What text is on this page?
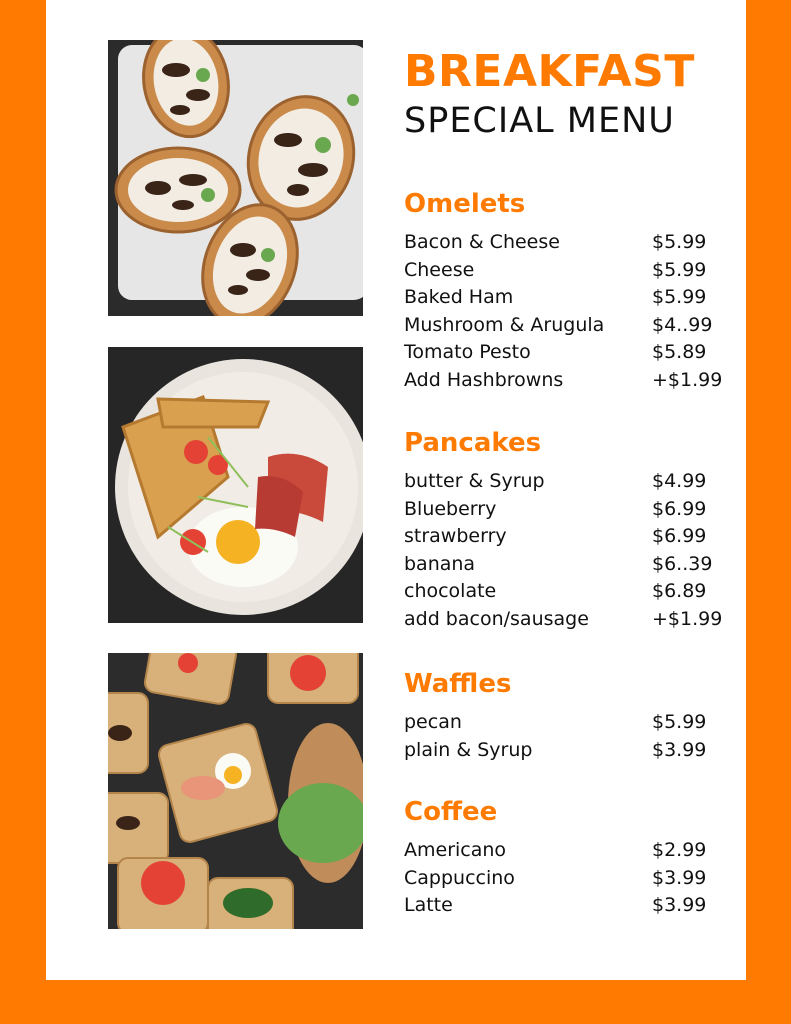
BREAKFAST
SPECIAL MENU
Omelets
Bacon & Cheese	$5.99
Cheese	$5.99
Baked Ham	$5.99
Mushroom & Arugula	$4..99
Tomato Pesto	$5.89
Add Hashbrowns	+$1.99
Pancakes
butter & Syrup	$4.99
Blueberry	$6.99
strawberry	$6.99
banana	$6..39
chocolate	$6.89
add bacon/sausage	+$1.99
Waffles
pecan	$5.99
plain & Syrup	$3.99
Coffee
Americano	$2.99
Cappuccino	$3.99
Latte	$3.99
